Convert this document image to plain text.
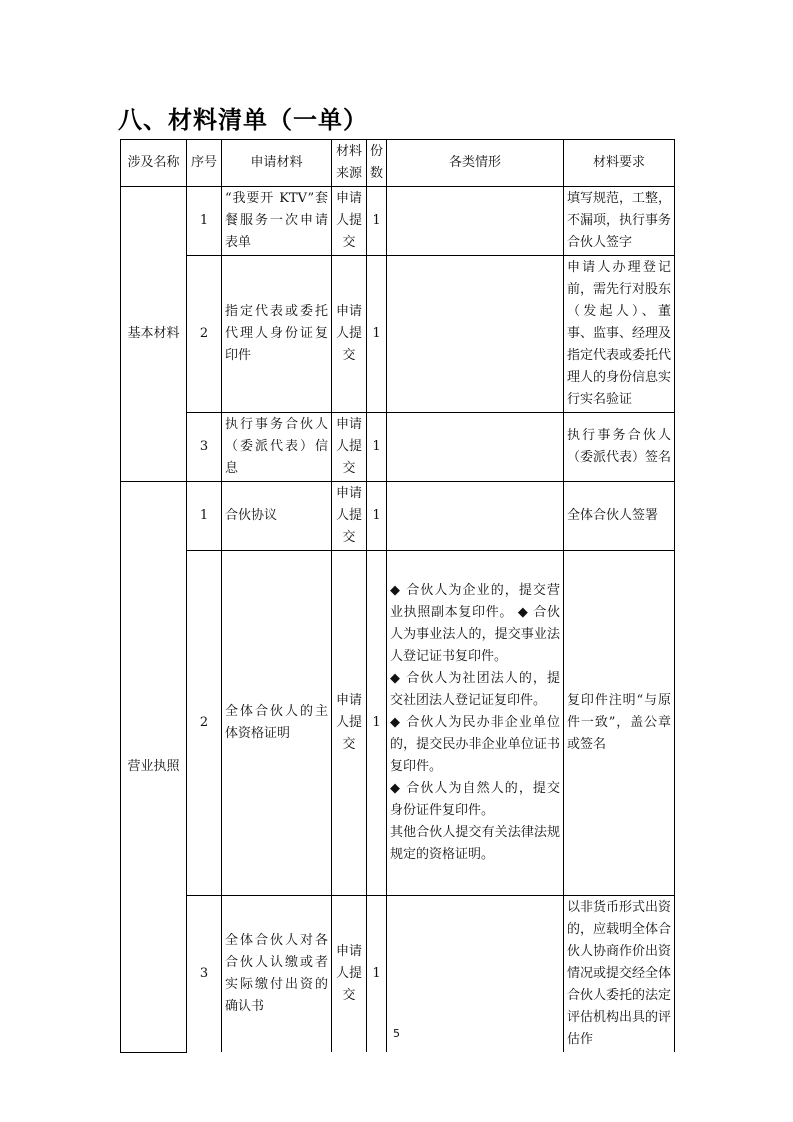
八、材料清单（一单）
涉及名称	序号	申请材料	材料来源	份数	各类情形	材料要求
基本材料	1	“我要开 KTV”套餐服务一次申请表单	申请人提交	1		填写规范，工整，不漏项，执行事务合伙人签字
	2	指定代表或委托代理人身份证复印件	申请人提交	1		申请人办理登记前，需先行对股东（发起人）、董事、监事、经理及指定代表或委托代理人的身份信息实行实名验证
	3	执行事务合伙人（委派代表）信息	申请人提交	1		执行事务合伙人（委派代表）签名
营业执照	1	合伙协议	申请人提交	1		全体合伙人签署
	2	全体合伙人的主体资格证明	申请人提交	1	◆ 合伙人为企业的，提交营业执照副本复印件。 ◆ 合伙人为事业法人的，提交事业法人登记证书复印件。

◆ 合伙人为社团法人的，提交社团法人登记证复印件。

◆ 合伙人为民办非企业单位的，提交民办非企业单位证书复印件。

◆ 合伙人为自然人的，提交身份证件复印件。

其他合伙人提交有关法律法规规定的资格证明。	复印件注明“与原件一致”，盖公章或签名
	3	全体合伙人对各合伙人认缴或者实际缴付出资的确认书	申请人提交	1		以非货币形式出资的，应载明全体合伙人协商作价出资情况或提交经全体合伙人委托的法定评估机构出具的评估作
5
